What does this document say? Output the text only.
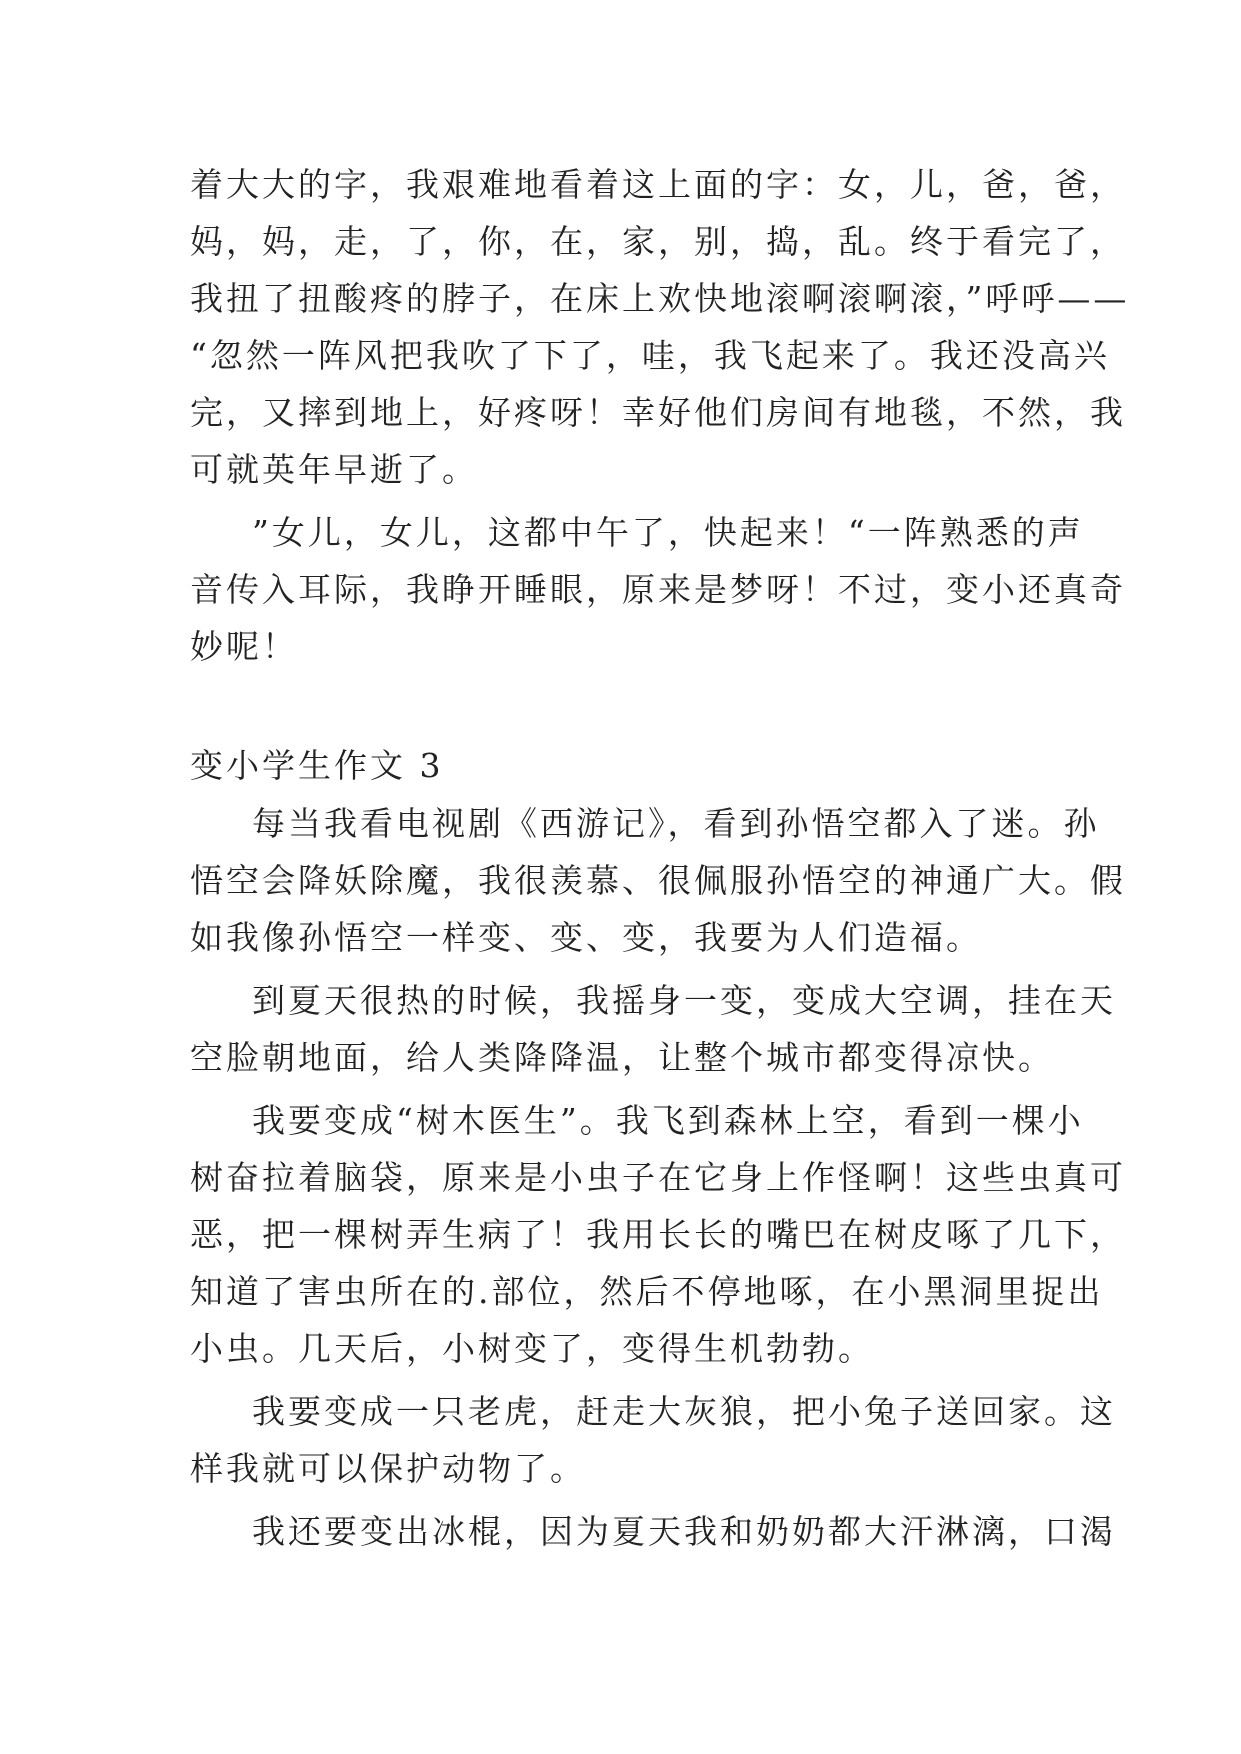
着大大的字，我艰难地看着这上面的字：女，儿，爸，爸，
妈，妈，走，了，你，在，家，别，捣，乱。终于看完了，
我扭了扭酸疼的脖子，在床上欢快地滚啊滚啊滚，”呼呼——
“忽然一阵风把我吹了下了，哇，我飞起来了。我还没高兴
完，又摔到地上，好疼呀！幸好他们房间有地毯，不然，我
可就英年早逝了。
”女儿，女儿，这都中午了，快起来！“一阵熟悉的声
音传入耳际，我睁开睡眼，原来是梦呀！不过，变小还真奇
妙呢！
变小学生作文 3
每当我看电视剧《西游记》，看到孙悟空都入了迷。孙
悟空会降妖除魔，我很羡慕、很佩服孙悟空的神通广大。假
如我像孙悟空一样变、变、变，我要为人们造福。
到夏天很热的时候，我摇身一变，变成大空调，挂在天
空脸朝地面，给人类降降温，让整个城市都变得凉快。
我要变成“树木医生”。我飞到森林上空，看到一棵小
树奋拉着脑袋，原来是小虫子在它身上作怪啊！这些虫真可
恶，把一棵树弄生病了！我用长长的嘴巴在树皮啄了几下，
知道了害虫所在的.部位，然后不停地啄，在小黑洞里捉出
小虫。几天后，小树变了，变得生机勃勃。
我要变成一只老虎，赶走大灰狼，把小兔子送回家。这
样我就可以保护动物了。
我还要变出冰棍，因为夏天我和奶奶都大汗淋漓，口渴
